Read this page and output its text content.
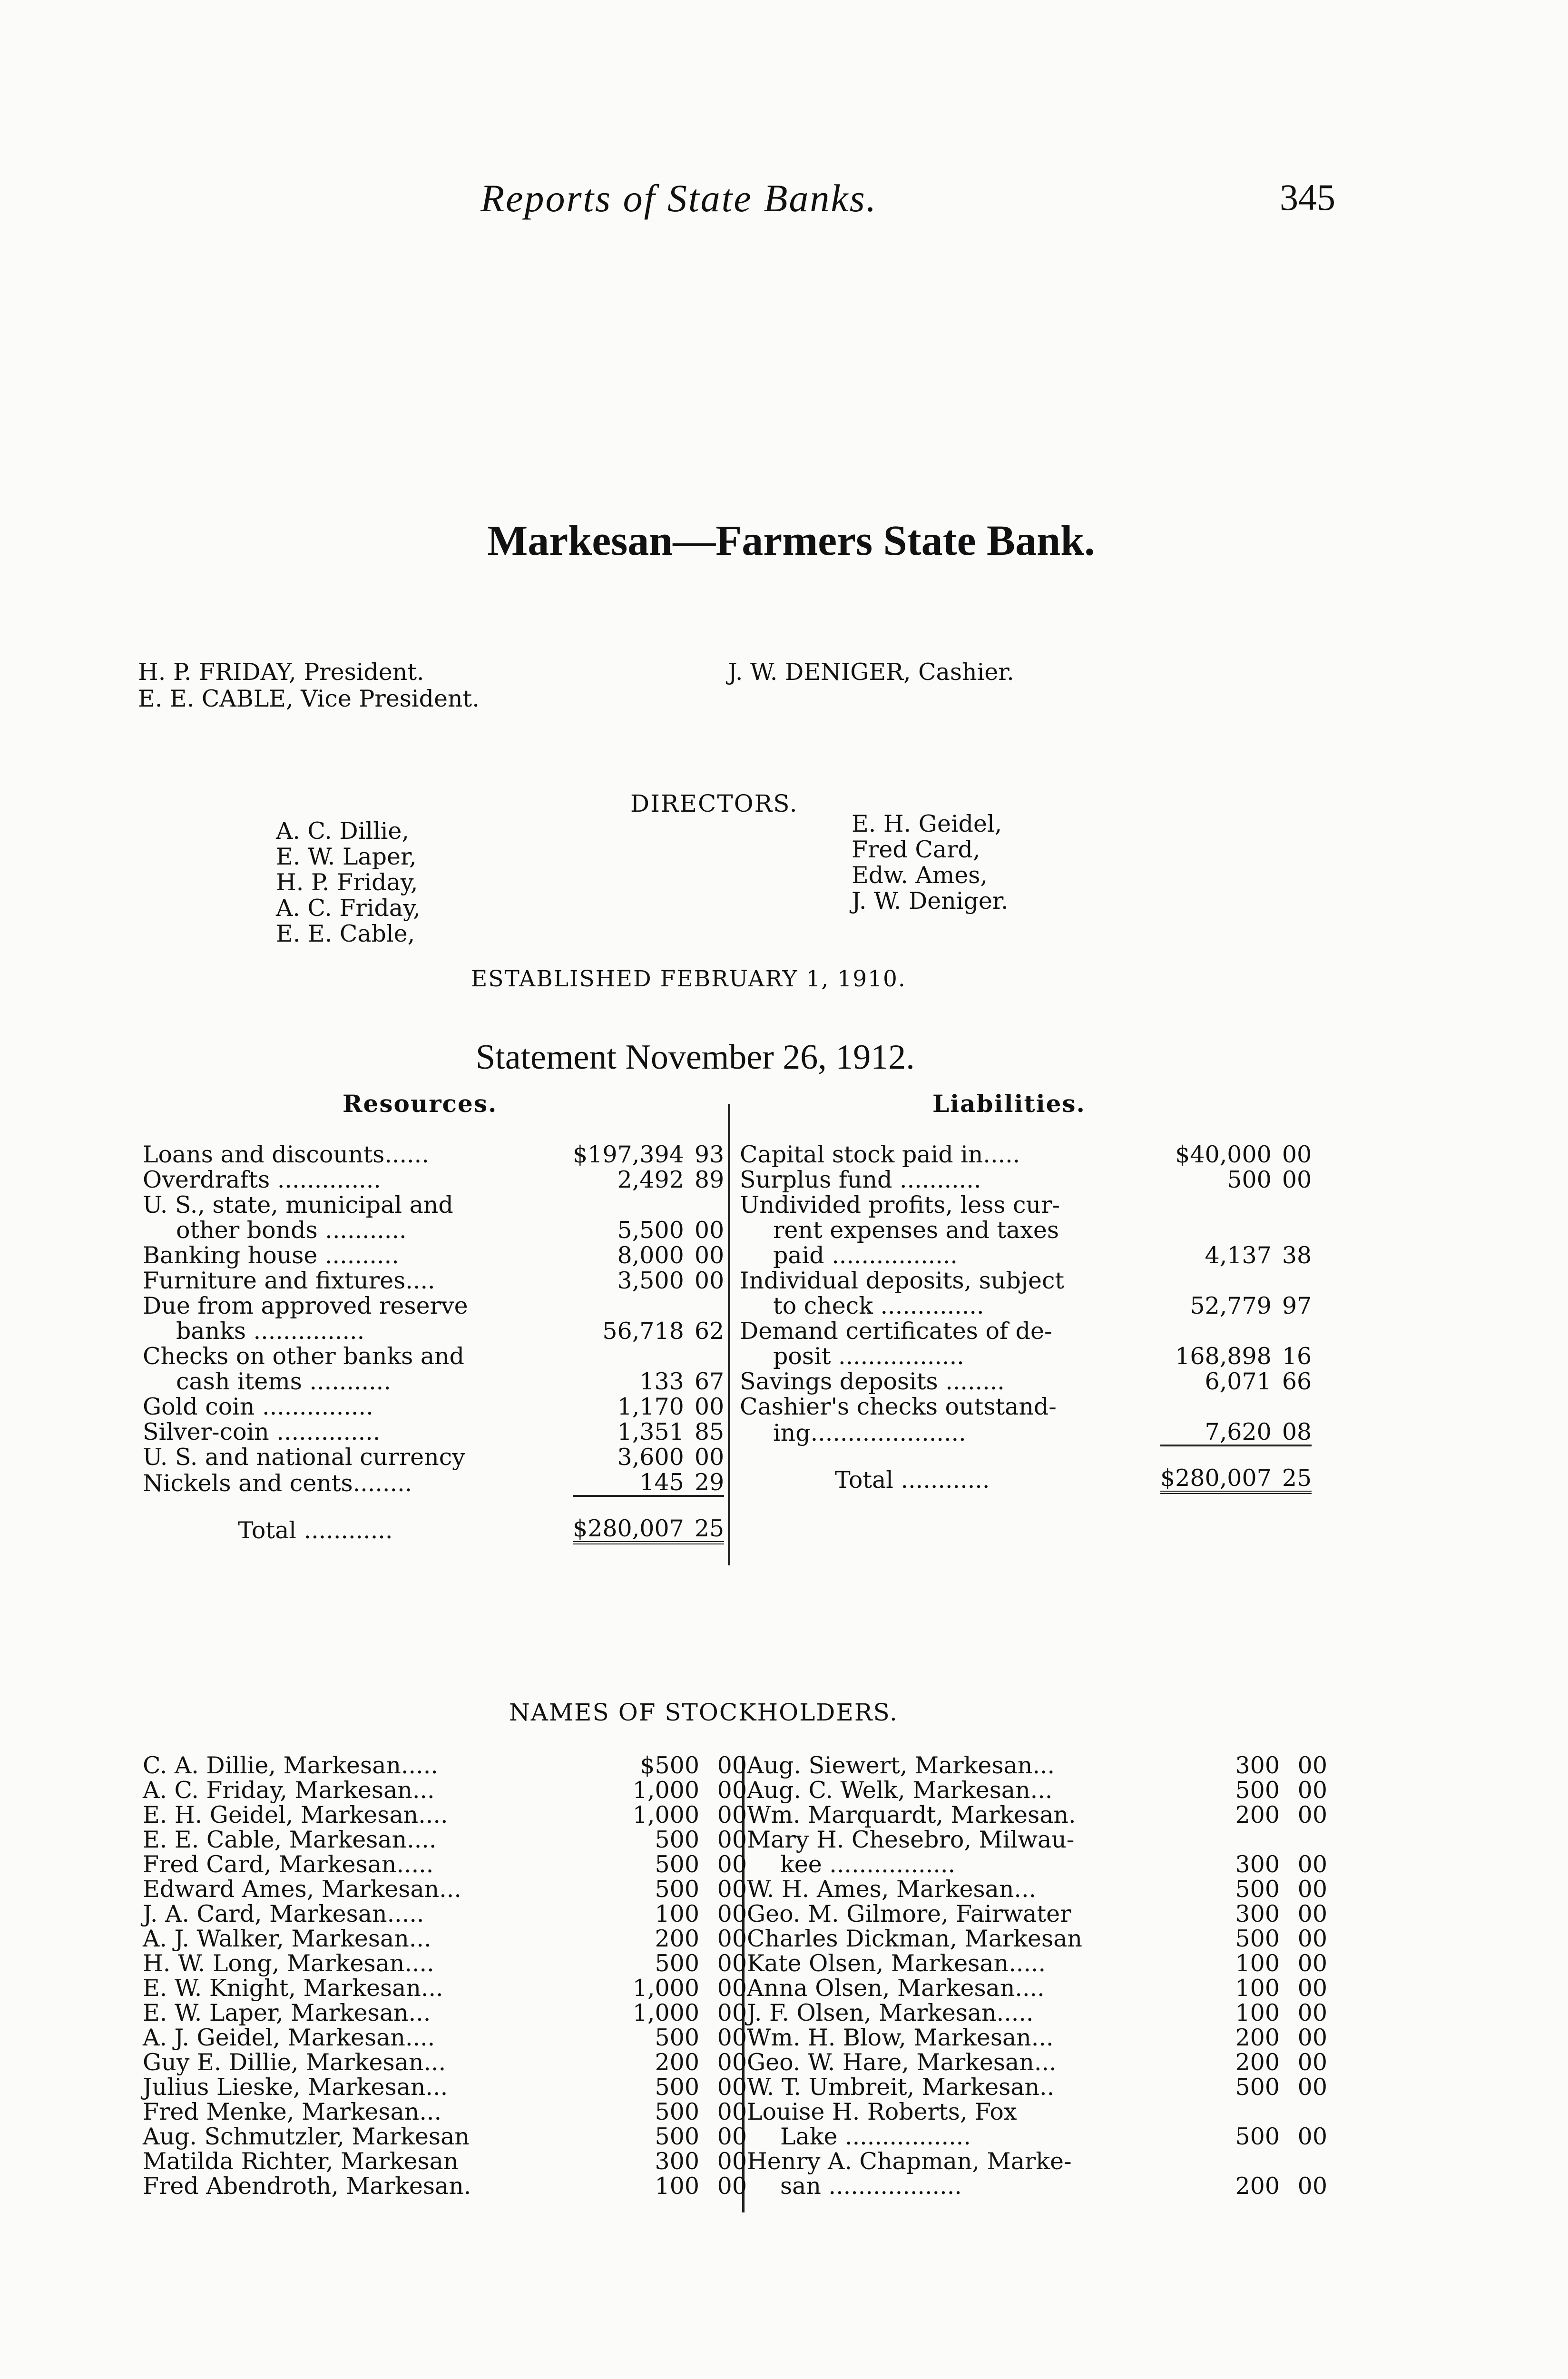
Reports of State Banks.	345
Markesan—Farmers State Bank.
H. P. FRIDAY, President.
E. E. CABLE, Vice President.
J. W. DENIGER, Cashier.
DIRECTORS.
A. C. Dillie,
E. W. Laper,
H. P. Friday,
A. C. Friday,
E. E. Cable,
E. H. Geidel,
Fred Card,
Edw. Ames,
J. W. Deniger.
ESTABLISHED FEBRUARY 1, 1910.
Statement November 26, 1912.
Resources.	Liabilities.
Loans and discounts......	$197,394	93
Overdrafts ..............	2,492	89
U. S., state, municipal and		
other bonds ...........	5,500	00
Banking house ..........	8,000	00
Furniture and fixtures....	3,500	00
Due from approved reserve		
banks ...............	56,718	62
Checks on other banks and		
cash items ...........	133	67
Gold coin ...............	1,170	00
Silver-coin ..............	1,351	85
U. S. and national currency	3,600	00
Nickels and cents........	145	29
Total ............	$280,007	25
Capital stock paid in.....	$40,000	00
Surplus fund ...........	500	00
Undivided profits, less cur-		
rent expenses and taxes		
paid .................	4,137	38
Individual deposits, subject		
to check ..............	52,779	97
Demand certificates of de-		
posit .................	168,898	16
Savings deposits ........	6,071	66
Cashier's checks outstand-		
ing.....................	7,620	08
Total ............	$280,007	25
NAMES OF STOCKHOLDERS.
C. A. Dillie, Markesan.....	$500	00
A. C. Friday, Markesan...	1,000	00
E. H. Geidel, Markesan....	1,000	00
E. E. Cable, Markesan....	500	00
Fred Card, Markesan.....	500	00
Edward Ames, Markesan...	500	00
J. A. Card, Markesan.....	100	00
A. J. Walker, Markesan...	200	00
H. W. Long, Markesan....	500	00
E. W. Knight, Markesan...	1,000	00
E. W. Laper, Markesan...	1,000	00
A. J. Geidel, Markesan....	500	00
Guy E. Dillie, Markesan...	200	00
Julius Lieske, Markesan...	500	00
Fred Menke, Markesan...	500	00
Aug. Schmutzler, Markesan	500	00
Matilda Richter, Markesan	300	00
Fred Abendroth, Markesan.	100	00
Aug. Siewert, Markesan...	300	00
Aug. C. Welk, Markesan...	500	00
Wm. Marquardt, Markesan.	200	00
Mary H. Chesebro, Milwau-		
kee .................	300	00
W. H. Ames, Markesan...	500	00
Geo. M. Gilmore, Fairwater	300	00
Charles Dickman, Markesan	500	00
Kate Olsen, Markesan.....	100	00
Anna Olsen, Markesan....	100	00
J. F. Olsen, Markesan.....	100	00
Wm. H. Blow, Markesan...	200	00
Geo. W. Hare, Markesan...	200	00
W. T. Umbreit, Markesan..	500	00
Louise H. Roberts, Fox		
Lake .................	500	00
Henry A. Chapman, Marke-		
san ..................	200	00
